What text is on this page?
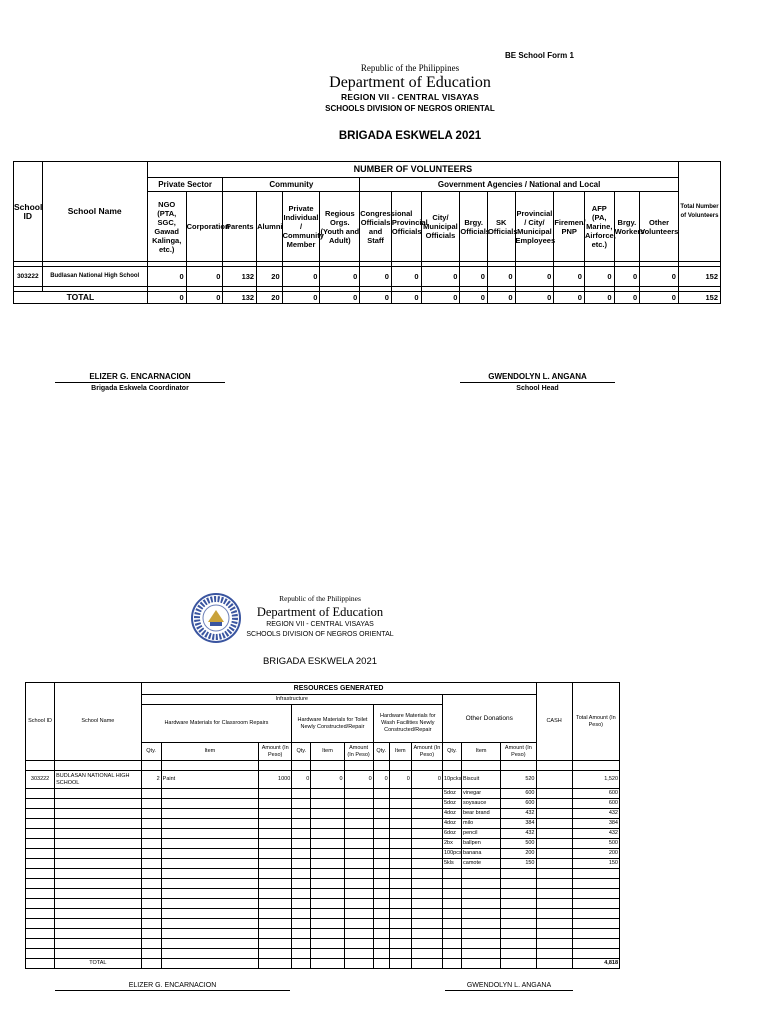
BE School Form 1
Republic of the Philippines
Department of Education
REGION VII - CENTRAL VISAYAS
SCHOOLS DIVISION OF NEGROS ORIENTAL
BRIGADA ESKWELA 2021
School ID	School Name	NUMBER OF VOLUNTEERS																Total Number of Volunteers
		Private Sector		Community				Government Agencies / National and Local										
		NGO (PTA, SGC, Gawad Kalinga, etc.)	Corporation	Parents	Alumni	Private Individual / Community Member	Regious Orgs. (Youth and Adult)	Congressional Officials and Staff	Provincial Officials	City/ Municipal Officials	Brgy. Officials	SK Officials	Provincial / City/ Municipal Employees	Firemen/ PNP	AFP (PA, Marine, Airforce, etc.)	Brgy. Workers	Other Volunteers	

303222	Budlasan National High School	0	0	132	20	0	0	0	0	0	0	0	0	0	0	0	0	152

TOTAL		0	0	132	20	0	0	0	0	0	0	0	0	0	0	0	0	152
ELIZER G. ENCARNACION
Brigada Eskwela Coordinator
GWENDOLYN L. ANGANA
School Head
Republic of the Philippines
Department of Education
REGION VII - CENTRAL VISAYAS
SCHOOLS DIVISION OF NEGROS ORIENTAL
BRIGADA ESKWELA 2021
School ID	School Name	RESOURCES GENERATED												CASH	Total Amount (In Peso)
		Infrastructure									Other Donations				
		Hardware Materials for Classroom Repairs			Hardware Materials for Toilet Newly Constructed/Repair			Hardware Materials for Wash Facilities Newly Constructed/Repair							
		Qty.	Item	Amount (In Peso)	Qty.	Item	Amount (In Peso)	Qty.	Item	Amount (In Peso)	Qty.	Item	Amount (In Peso)		

303222	BUDLASAN NATIONAL HIGH SCHOOL	2	Paint	1000	0	0	0	0	0	0	10pcks	Biscuit	520		1,520
											5doz	vinegar	600		600
											5doz	soysauce	600		600
											4doz	bear brand	432		432
											4doz	milo	384		384
											6doz	pencil	432		432
											2bx	ballpen	500		500
											100pcs	banana	200		200
											5kls	camote	150		150

	TOTAL														4,818
ELIZER G. ENCARNACION	GWENDOLYN L. ANGANA
